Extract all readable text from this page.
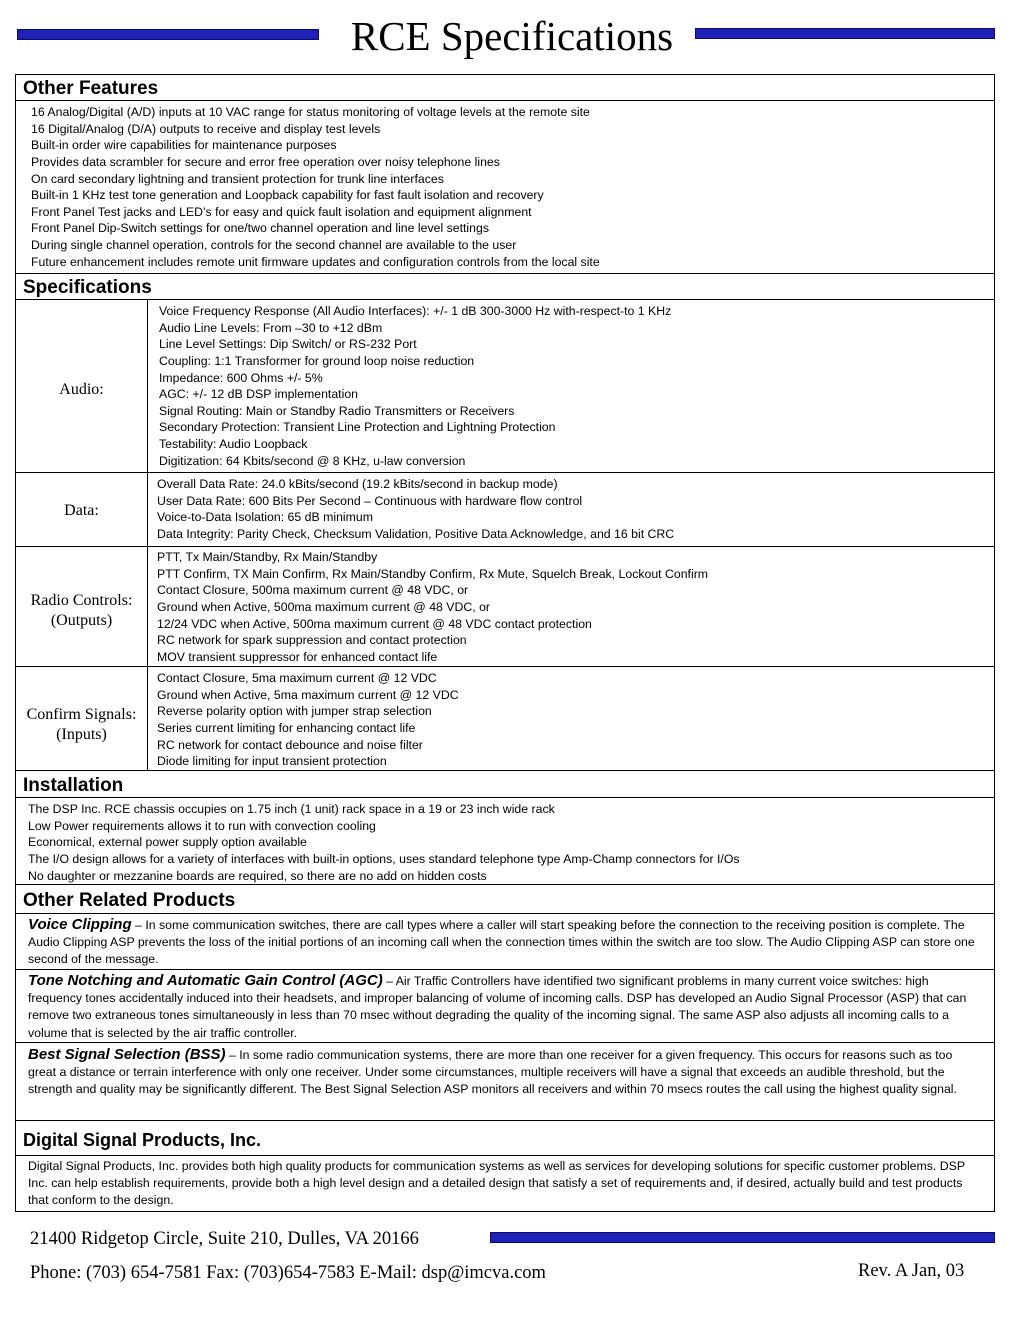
RCE Specifications
Other Features
16 Analog/Digital (A/D) inputs at 10 VAC range for status monitoring of voltage levels at the remote site
16 Digital/Analog (D/A) outputs to receive and display test levels
Built-in order wire capabilities for maintenance purposes
Provides data scrambler for secure and error free operation over noisy telephone lines
On card secondary lightning and transient protection for trunk line interfaces
Built-in 1 KHz test tone generation and Loopback capability for fast fault isolation and recovery
Front Panel Test jacks and LED’s for easy and quick fault isolation and equipment alignment
Front Panel Dip-Switch settings for one/two channel operation and line level settings
During single channel operation, controls for the second channel are available to the user
Future enhancement includes remote unit firmware updates and configuration controls from the local site
Specifications
Audio:
Voice Frequency Response (All Audio Interfaces): +/- 1 dB 300-3000 Hz with-respect-to 1 KHz
Audio Line Levels: From –30 to +12 dBm
Line Level Settings: Dip Switch/ or RS-232 Port
Coupling: 1:1 Transformer for ground loop noise reduction
Impedance: 600 Ohms +/- 5%
AGC: +/- 12 dB DSP implementation
Signal Routing: Main or Standby Radio Transmitters or Receivers
Secondary Protection: Transient Line Protection and Lightning Protection
Testability: Audio Loopback
Digitization: 64 Kbits/second @ 8 KHz, u-law conversion
Data:
Overall Data Rate: 24.0 kBits/second (19.2 kBits/second in backup mode)
User Data Rate: 600 Bits Per Second – Continuous with hardware flow control
Voice-to-Data Isolation: 65 dB minimum
Data Integrity: Parity Check, Checksum Validation, Positive Data Acknowledge, and 16 bit CRC
Radio Controls:
(Outputs)
PTT, Tx Main/Standby, Rx Main/Standby
PTT Confirm, TX Main Confirm, Rx Main/Standby Confirm, Rx Mute, Squelch Break, Lockout Confirm
Contact Closure, 500ma maximum current @ 48 VDC, or
Ground when Active, 500ma maximum current @ 48 VDC, or
12/24 VDC when Active, 500ma maximum current @ 48 VDC contact protection
RC network for spark suppression and contact protection
MOV transient suppressor for enhanced contact life
Confirm Signals:
(Inputs)
Contact Closure, 5ma maximum current @ 12 VDC
Ground when Active, 5ma maximum current @ 12 VDC
Reverse polarity option with jumper strap selection
Series current limiting for enhancing contact life
RC network for contact debounce and noise filter
Diode limiting for input transient protection
Installation
The DSP Inc. RCE chassis occupies on 1.75 inch (1 unit) rack space in a 19 or 23 inch wide rack
Low Power requirements allows it to run with convection cooling
Economical, external power supply option available
The I/O design allows for a variety of interfaces with built-in options, uses standard telephone type Amp-Champ connectors for I/Os
No daughter or mezzanine boards are required, so there are no add on hidden costs
Other Related Products

Voice Clipping – In some communication switches, there are call types where a caller will start speaking before the connection to the receiving position is complete. The Audio Clipping ASP prevents the loss of the initial portions of an incoming call when the connection times within the switch are too slow. The Audio Clipping ASP can store one second of the message.

Tone Notching and Automatic Gain Control (AGC) – Air Traffic Controllers have identified two significant problems in many current voice switches: high frequency tones accidentally induced into their headsets, and improper balancing of volume of incoming calls. DSP has developed an Audio Signal Processor (ASP) that can remove two extraneous tones simultaneously in less than 70 msec without degrading the quality of the incoming signal. The same ASP also adjusts all incoming calls to a volume that is selected by the air traffic controller.

Best Signal Selection (BSS) – In some radio communication systems, there are more than one receiver for a given frequency. This occurs for reasons such as too great a distance or terrain interference with only one receiver. Under some circumstances, multiple receivers will have a signal that exceeds an audible threshold, but the strength and quality may be significantly different. The Best Signal Selection ASP monitors all receivers and within 70 msecs routes the call using the highest quality signal.

Digital Signal Products, Inc.

Digital Signal Products, Inc. provides both high quality products for communication systems as well as services for developing solutions for specific customer problems. DSP Inc. can help establish requirements, provide both a high level design and a detailed design that satisfy a set of requirements and, if desired, actually build and test products that conform to the design.

21400 Ridgetop Circle, Suite 210, Dulles, VA 20166
Phone: (703) 654-7581 Fax: (703)654-7583 E-Mail: dsp@imcva.com	Rev. A Jan, 03
